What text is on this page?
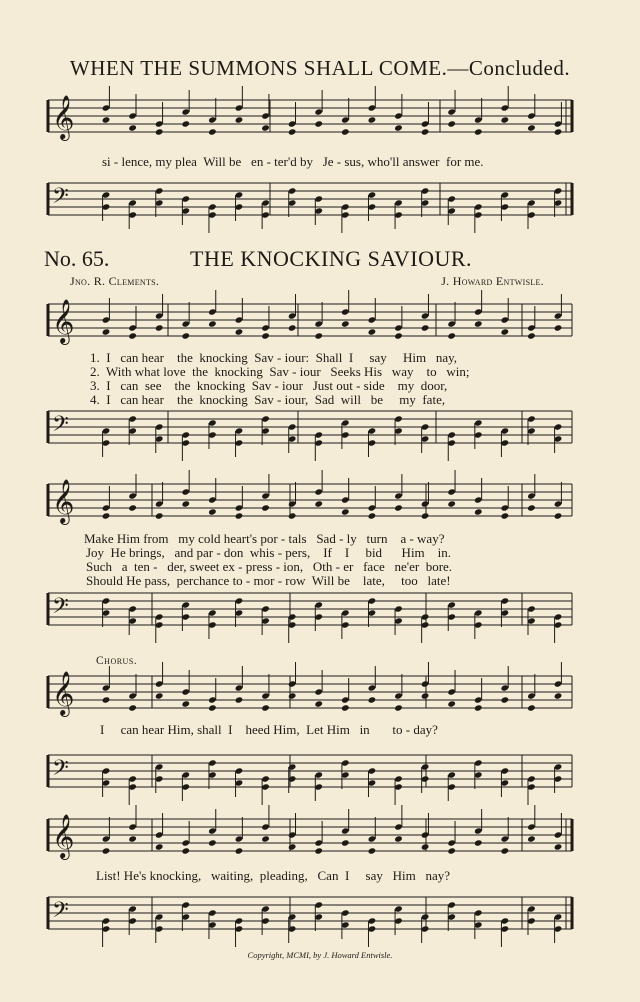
WHEN THE SUMMONS SHALL COME.—Concluded.
𝄞
𝄢
𝄞
𝄢
𝄞
𝄢
𝄞
𝄢
𝄞
𝄢
si - lence, my plea  Will be   en - ter'd by   Je - sus, who'll answer  for me.
No. 65.	THE KNOCKING SAVIOUR.
Jno. R. Clements.	J. Howard Entwisle.
1.  I   can hear    the  knocking  Sav - iour:  Shall  I     say     Him   nay,
2.  With what love  the  knocking  Sav - iour   Seeks His   way    to   win;
3.  I   can  see    the  knocking  Sav - iour   Just out - side    my  door,
4.  I   can hear    the  knocking  Sav - iour,  Sad  will   be     my  fate,
Make Him from   my cold heart's por - tals   Sad - ly   turn    a - way?
Joy  He brings,   and par - don  whis - pers,    If    I     bid      Him    in.
Such   a  ten -   der, sweet ex - press - ion,   Oth - er   face   ne'er  bore.
Should He pass,  perchance to - mor - row  Will be    late,     too   late!
Chorus.
I     can hear Him, shall  I    heed Him,  Let Him   in       to - day?
List! He's knocking,   waiting,  pleading,   Can  I     say   Him   nay?
Copyright, MCMI, by J. Howard Entwisle.
